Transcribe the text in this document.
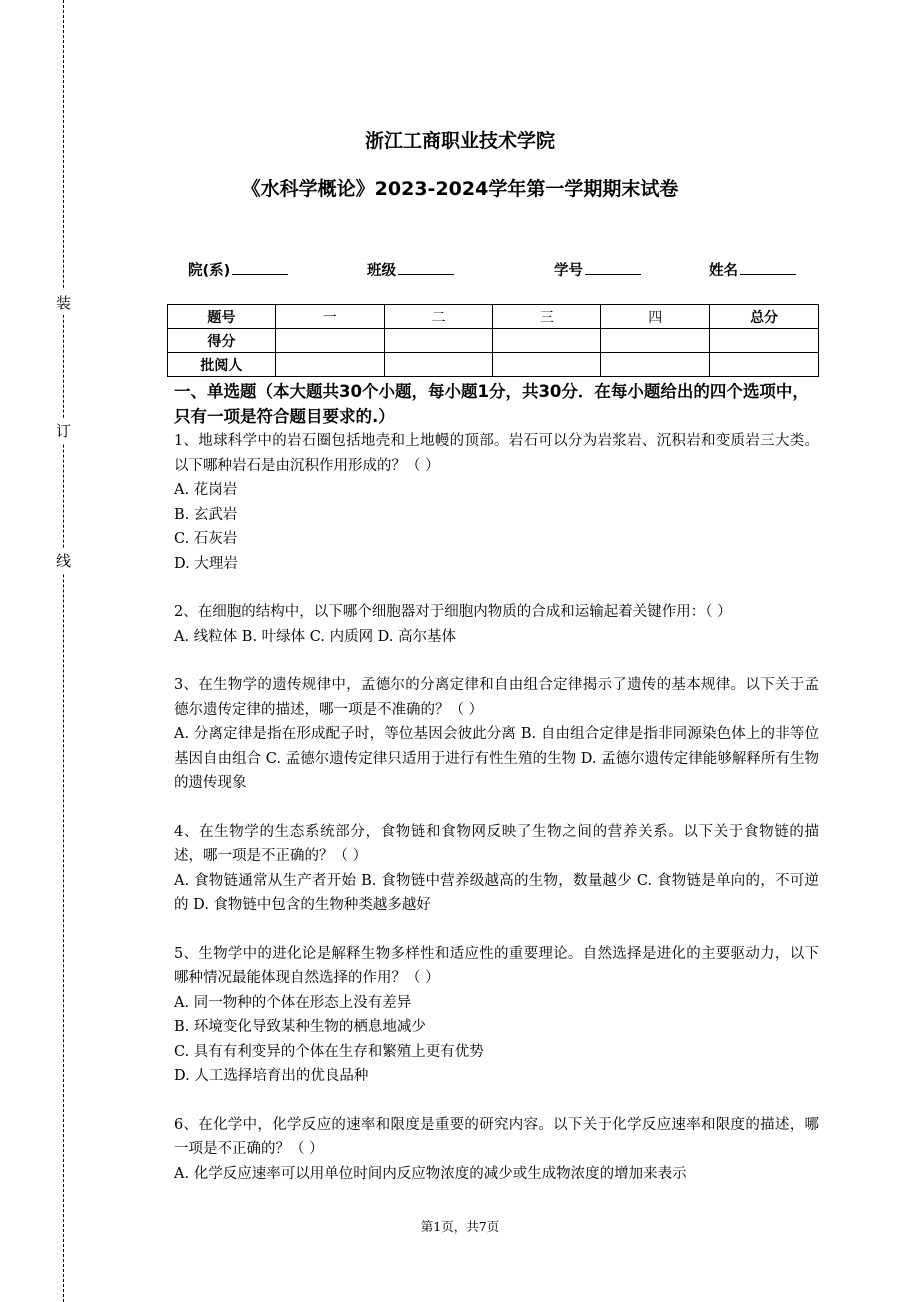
装
订
线
浙江工商职业技术学院
《水科学概论》2023-2024学年第一学期期末试卷
院(系)	班级	学号	姓名
题号	一	二	三	四	总分
得分					
批阅人					

一、单选题（本大题共30个小题，每小题1分，共30分．在每小题给出的四个选项中，只有一项是符合题目要求的.）

1、地球科学中的岩石圈包括地壳和上地幔的顶部。岩石可以分为岩浆岩、沉积岩和变质岩三大类。以下哪种岩石是由沉积作用形成的？（ ）

A. 花岗岩

B. 玄武岩

C. 石灰岩

D. 大理岩

2、在细胞的结构中，以下哪个细胞器对于细胞内物质的合成和运输起着关键作用：（ ）

A. 线粒体 B. 叶绿体 C. 内质网 D. 高尔基体

3、在生物学的遗传规律中，孟德尔的分离定律和自由组合定律揭示了遗传的基本规律。以下关于孟德尔遗传定律的描述，哪一项是不准确的？（ ）

A. 分离定律是指在形成配子时，等位基因会彼此分离 B. 自由组合定律是指非同源染色体上的非等位基因自由组合 C. 孟德尔遗传定律只适用于进行有性生殖的生物 D. 孟德尔遗传定律能够解释所有生物的遗传现象

4、在生物学的生态系统部分，食物链和食物网反映了生物之间的营养关系。以下关于食物链的描述，哪一项是不正确的？（ ）

A. 食物链通常从生产者开始 B. 食物链中营养级越高的生物，数量越少 C. 食物链是单向的，不可逆的 D. 食物链中包含的生物种类越多越好

5、生物学中的进化论是解释生物多样性和适应性的重要理论。自然选择是进化的主要驱动力，以下哪种情况最能体现自然选择的作用？（ ）

A. 同一物种的个体在形态上没有差异

B. 环境变化导致某种生物的栖息地减少

C. 具有有利变异的个体在生存和繁殖上更有优势

D. 人工选择培育出的优良品种

6、在化学中，化学反应的速率和限度是重要的研究内容。以下关于化学反应速率和限度的描述，哪一项是不正确的？（ ）

A. 化学反应速率可以用单位时间内反应物浓度的减少或生成物浓度的增加来表示

第1页，共7页
